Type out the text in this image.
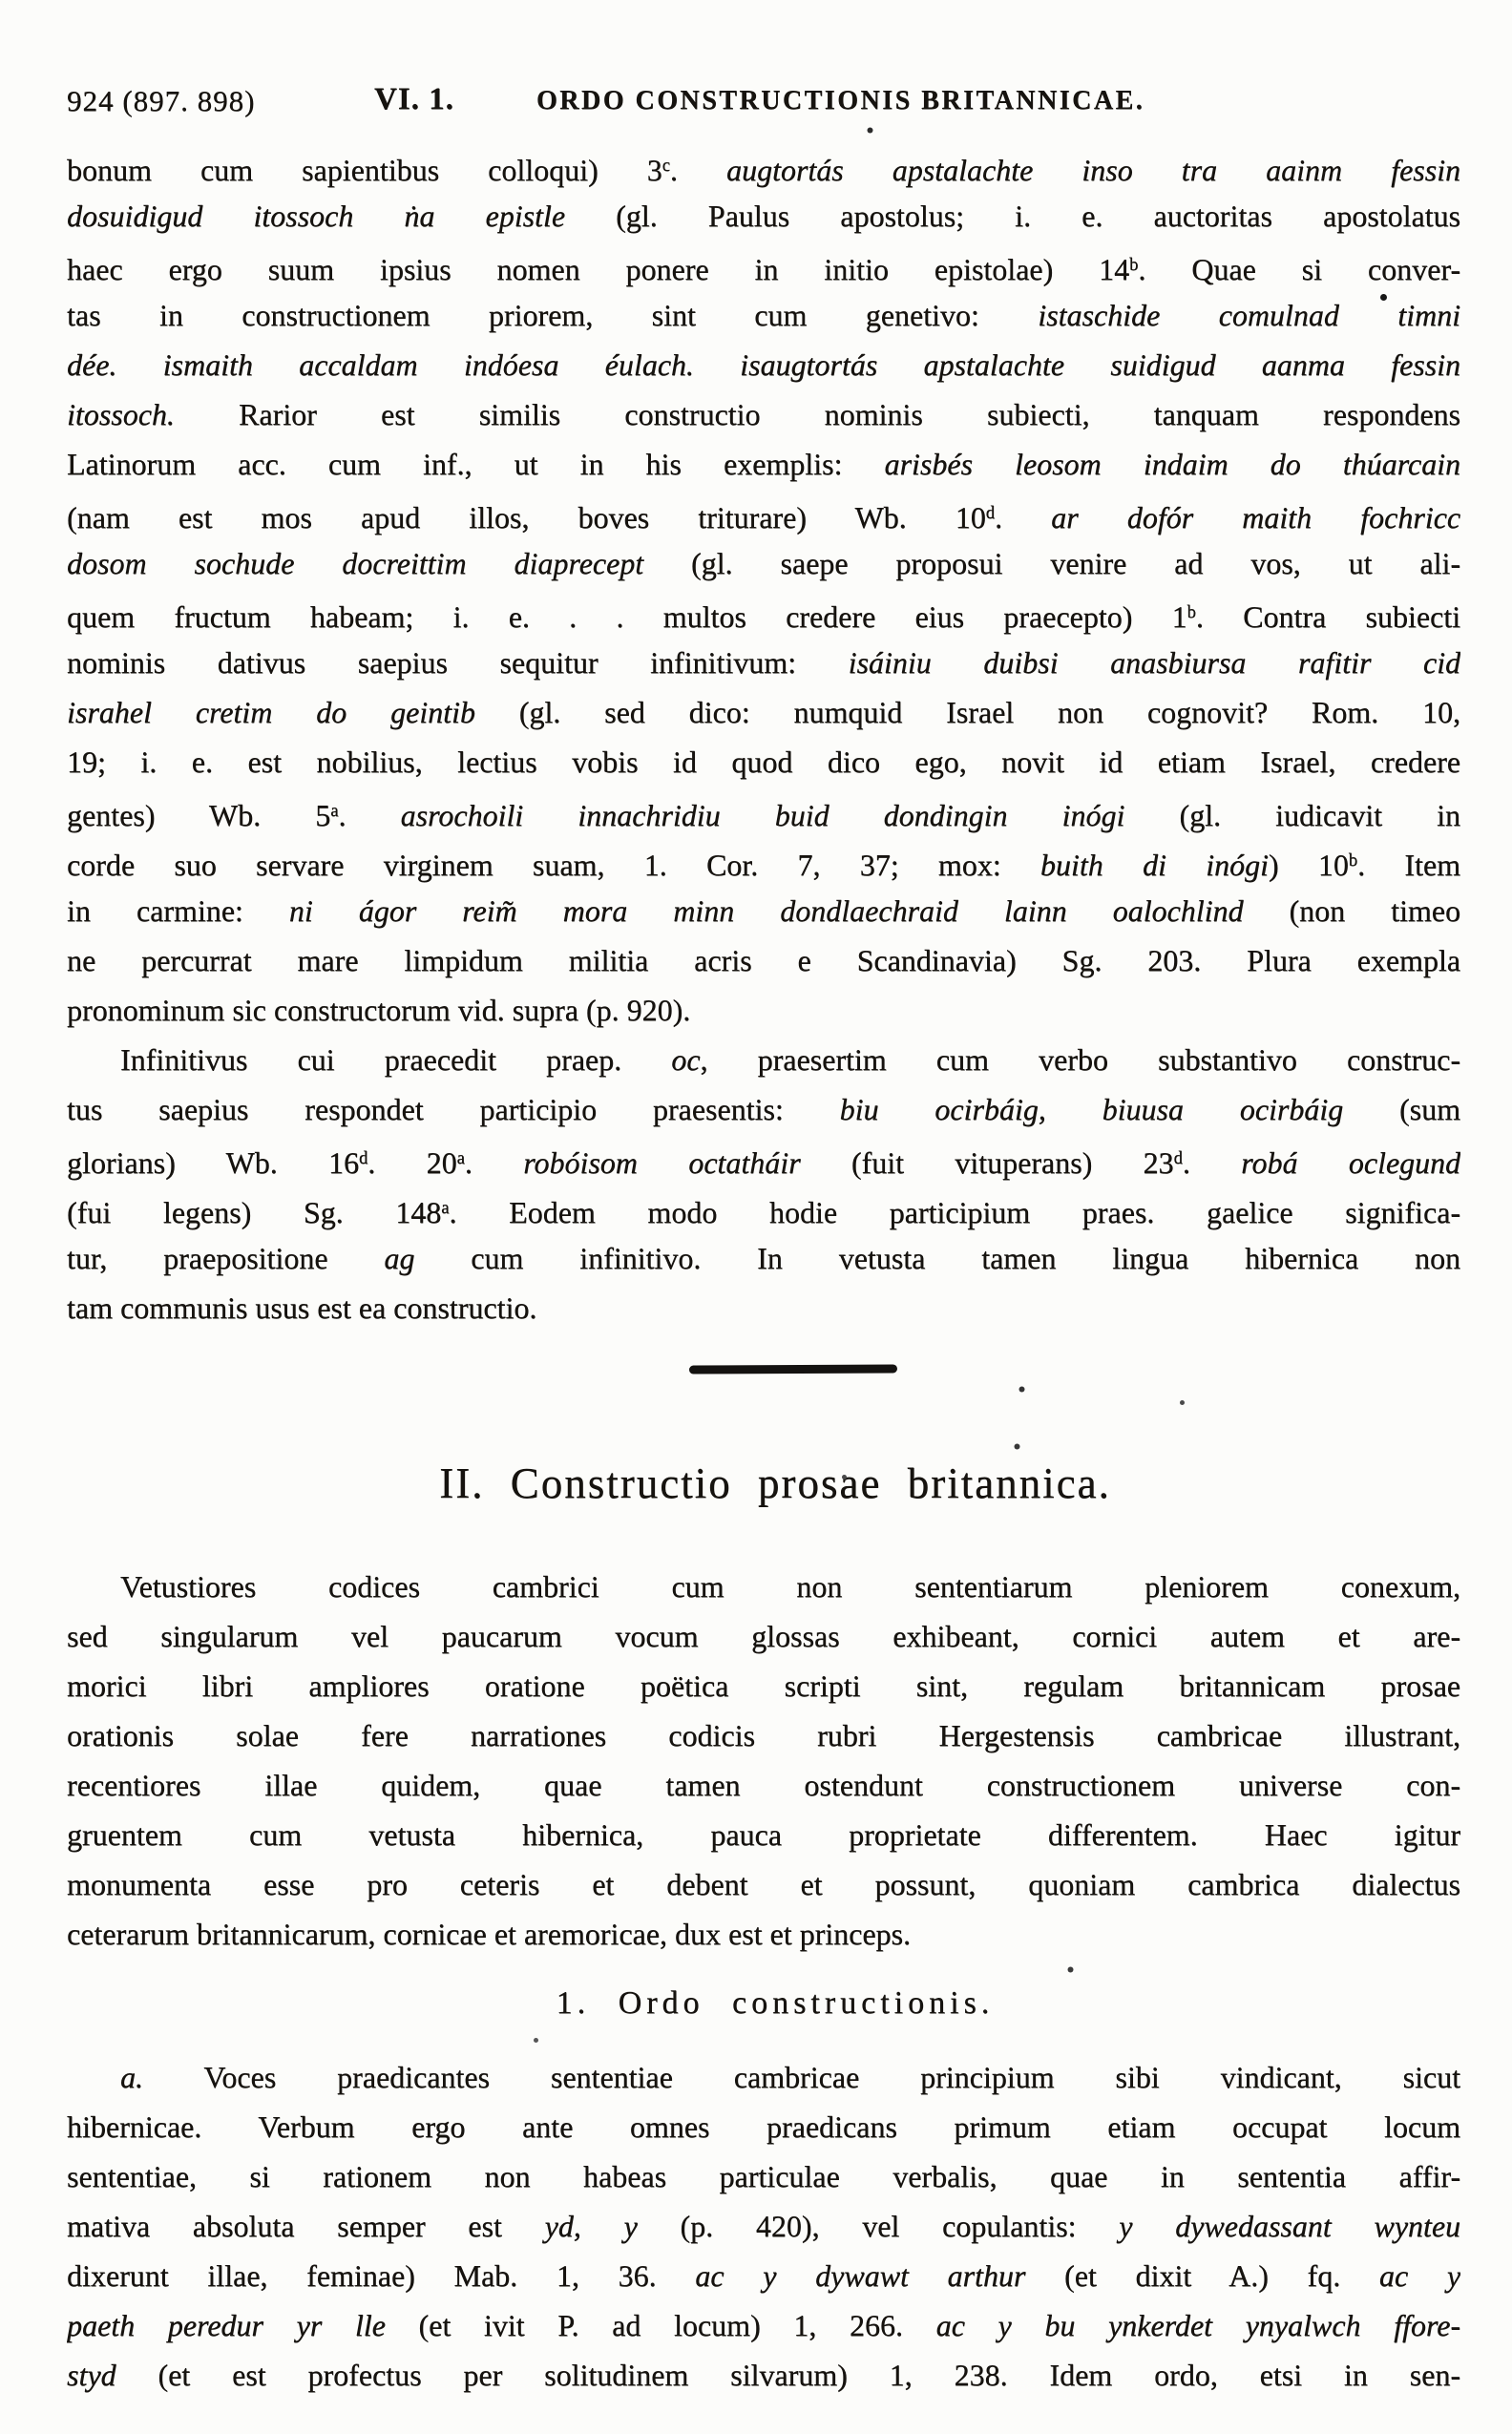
924 (897. 898)	VI. 1.	ORDO CONSTRUCTIONIS BRITANNICAE.
bonum cum sapientibus colloqui) 3$^c$. augtortás apstalachte inso tra aainm fessin
dosuidigud itossoch ṅa epistle (gl. Paulus apostolus; i. e. auctoritas apostolatus
haec ergo suum ipsius nomen ponere in initio epistolae) 14$^b$. Quae si conver-
tas in constructionem priorem, sint cum genetivo: istaschide comulnad timni
dée. ismaith accaldam indóesa éulach. isaugtortás apstalachte suidigud aanma fessin
itossoch. Rarior est similis constructio nominis subiecti, tanquam respondens
Latinorum acc. cum inf., ut in his exemplis: arisbés leosom indaim do thúarcain
(nam est mos apud illos, boves triturare) Wb. 10$^d$. ar dofór maith fochricc
dosom sochude docreittim diaprecept (gl. saepe proposui venire ad vos, ut ali-
quem fructum habeam; i. e. . . multos credere eius praecepto) 1$^b$. Contra subiecti
nominis dativus saepius sequitur infinitivum: isáiniu duibsi anasbiursa rafitir cid
israhel cretim do geintib (gl. sed dico: numquid Israel non cognovit? Rom. 10,
19; i. e. est nobilius, lectius vobis id quod dico ego, novit id etiam Israel, credere
gentes) Wb. 5$^a$. asrochoili innachridiu buid dondingin inógi (gl. iudicavit in
corde suo servare virginem suam, 1. Cor. 7, 37; mox: buith di inógi) 10$^b$. Item
in carmine: ni ágor reim̃ mora minn dondlaechraid lainn oalochlind (non timeo
ne percurrat mare limpidum militia acris e Scandinavia) Sg. 203. Plura exempla
pronominum sic constructorum vid. supra (p. 920).
Infinitivus cui praecedit praep. oc, praesertim cum verbo substantivo construc-
tus saepius respondet participio praesentis: biu ocirbáig, biuusa ocirbáig (sum
glorians) Wb. 16$^d$. 20$^a$. robóisom octatháir (fuit vituperans) 23$^d$. robá oclegund
(fui legens) Sg. 148$^a$. Eodem modo hodie participium praes. gaelice significa-
tur, praepositione ag cum infinitivo. In vetusta tamen lingua hibernica non
tam communis usus est ea constructio.
II. Constructio prosae britannica.
Vetustiores codices cambrici cum non sententiarum pleniorem conexum,
sed singularum vel paucarum vocum glossas exhibeant, cornici autem et are-
morici libri ampliores oratione poëtica scripti sint, regulam britannicam prosae
orationis solae fere narrationes codicis rubri Hergestensis cambricae illustrant,
recentiores illae quidem, quae tamen ostendunt constructionem universe con-
gruentem cum vetusta hibernica, pauca proprietate differentem. Haec igitur
monumenta esse pro ceteris et debent et possunt, quoniam cambrica dialectus
ceterarum britannicarum, cornicae et aremoricae, dux est et princeps.
1. Ordo constructionis.
a. Voces praedicantes sententiae cambricae principium sibi vindicant, sicut
hibernicae. Verbum ergo ante omnes praedicans primum etiam occupat locum
sententiae, si rationem non habeas particulae verbalis, quae in sententia affir-
mativa absoluta semper est yd, y (p. 420), vel copulantis: y dywedassant wynteu
dixerunt illae, feminae) Mab. 1, 36. ac y dywawt arthur (et dixit A.) fq. ac y
paeth peredur yr lle (et ivit P. ad locum) 1, 266. ac y bu ynkerdet ynyalwch ffore-
styd (et est profectus per solitudinem silvarum) 1, 238. Idem ordo, etsi in sen-
